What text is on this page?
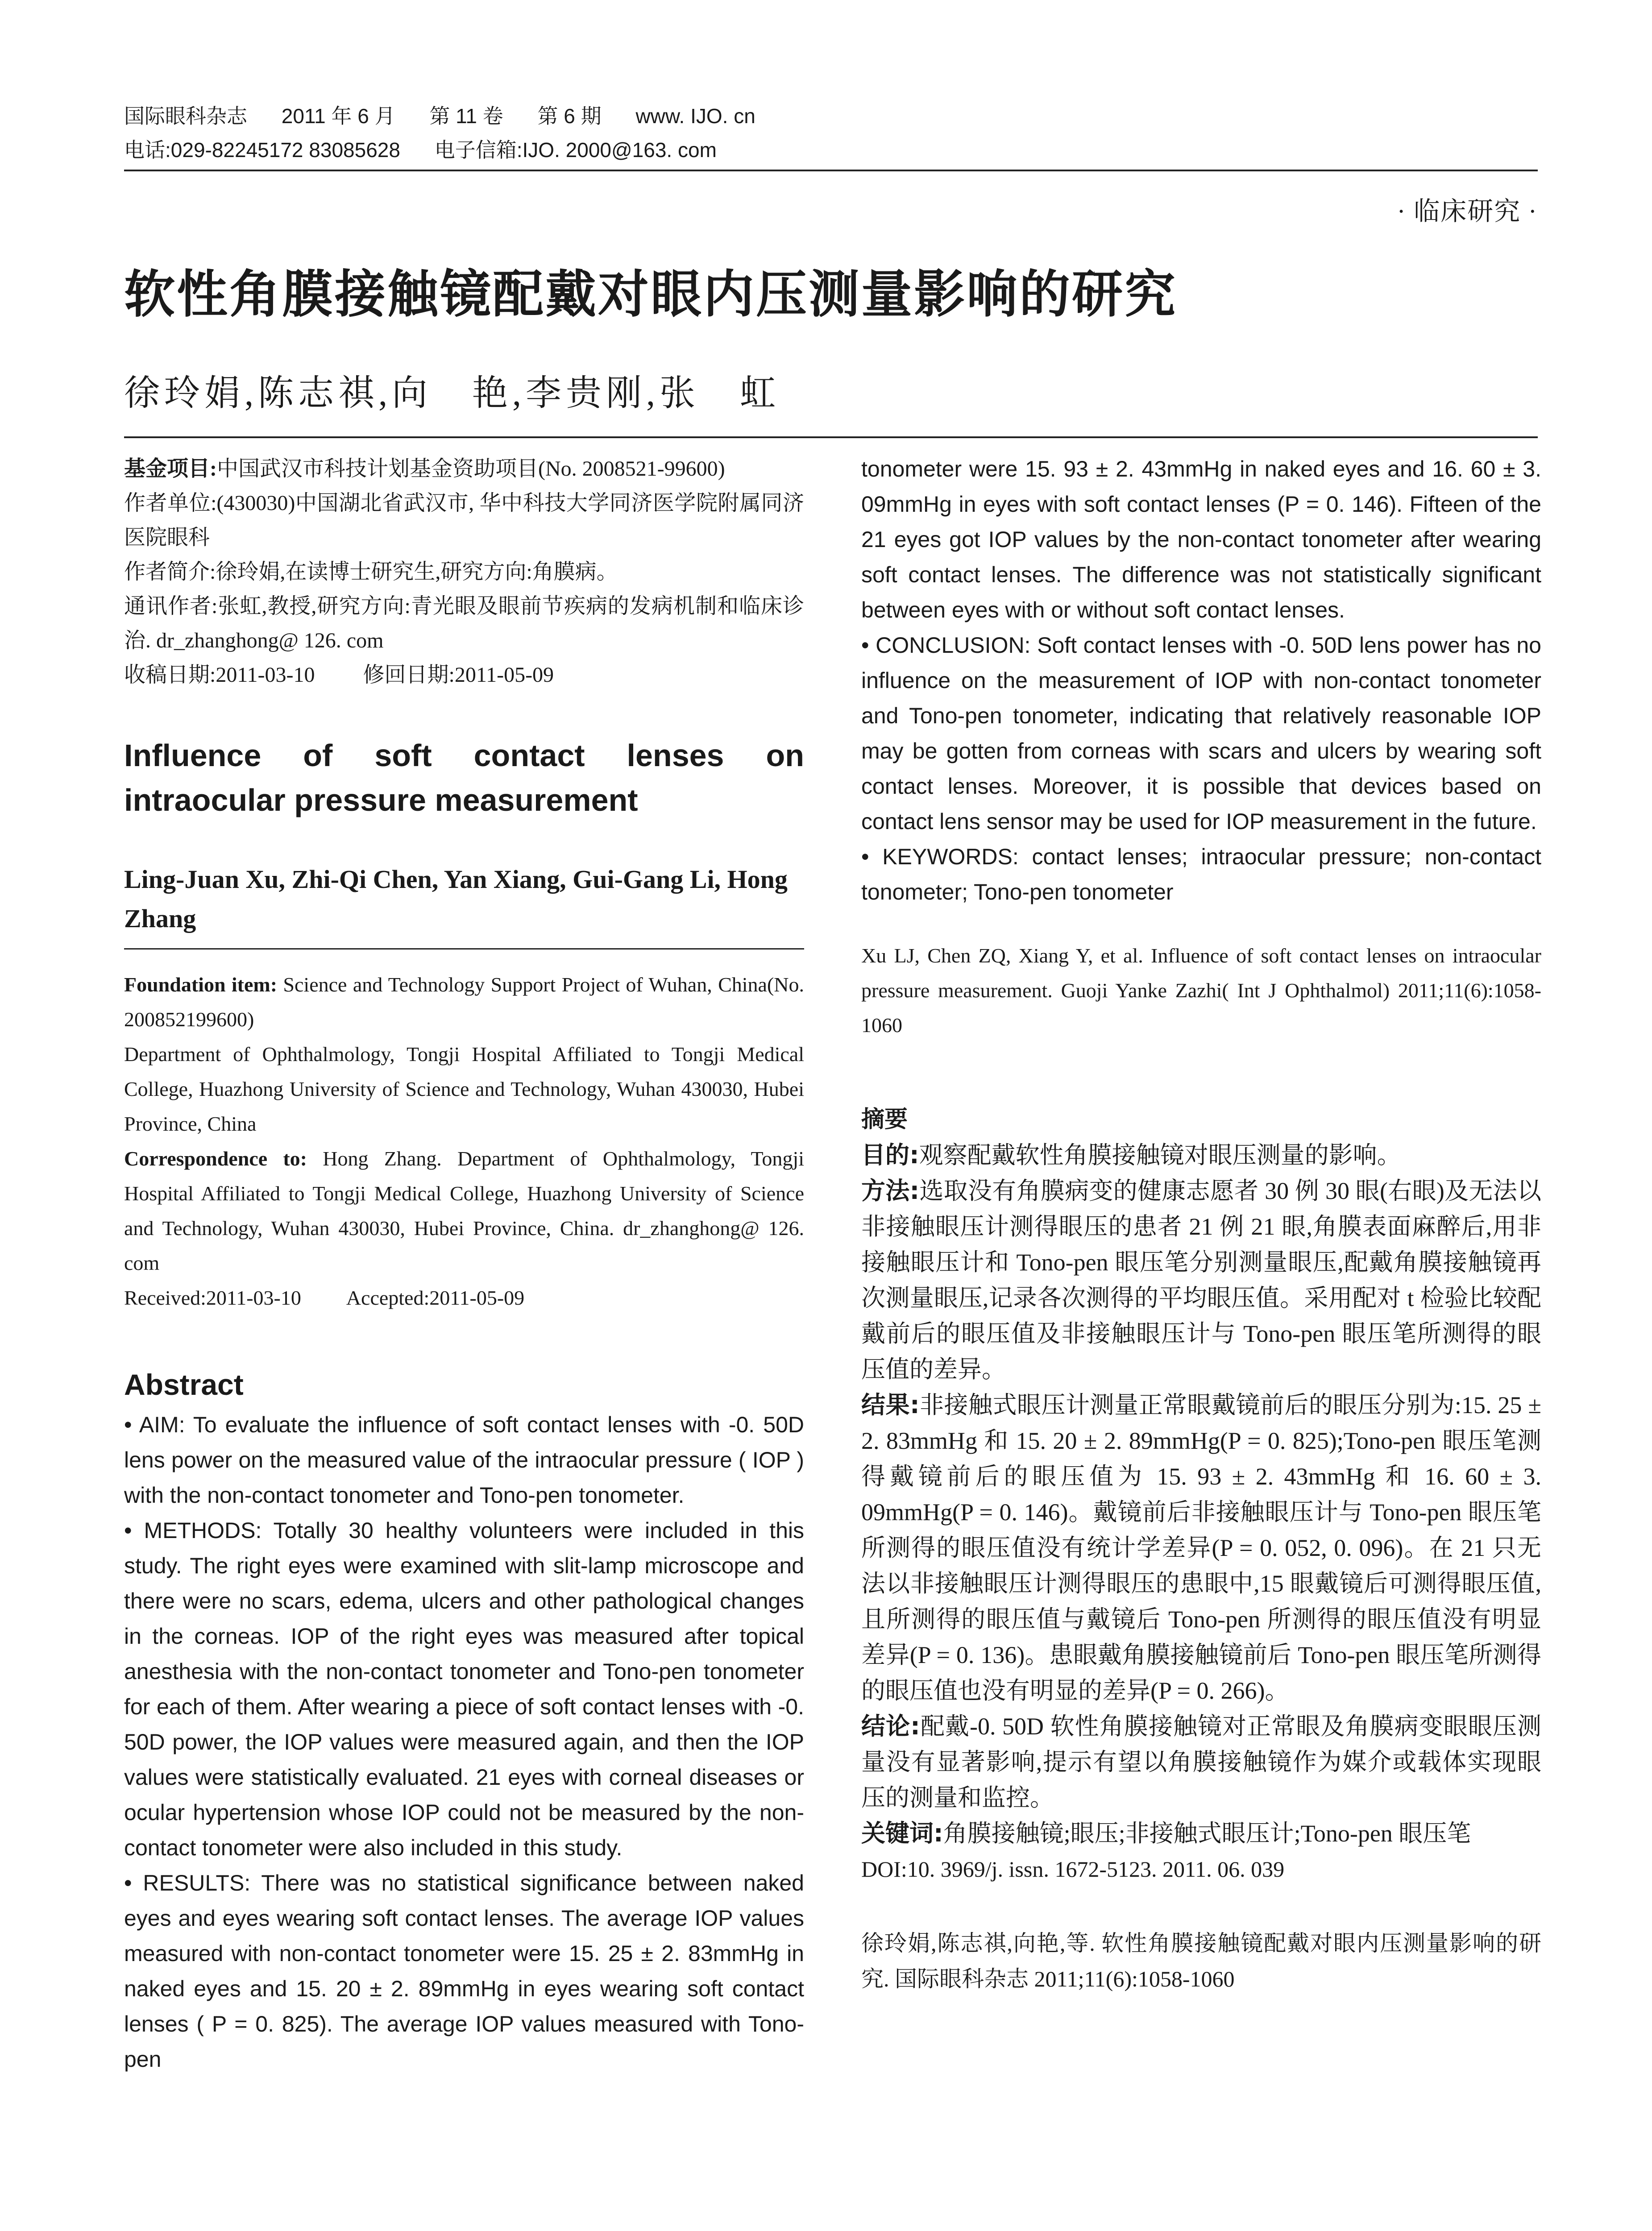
国际眼科杂志 2011 年 6 月 第 11 卷 第 6 期 www. IJO. cn
电话:029-82245172 83085628 电子信箱:IJO. 2000@163. com
· 临床研究 ·
软性角膜接触镜配戴对眼内压测量影响的研究
徐玲娟,陈志祺,向　艳,李贵刚,张　虹

基金项目:中国武汉市科技计划基金资助项目(No. 2008521-99600)

作者单位:(430030)中国湖北省武汉市, 华中科技大学同济医学院附属同济医院眼科

作者简介:徐玲娟,在读博士研究生,研究方向:角膜病。

通讯作者:张虹,教授,研究方向:青光眼及眼前节疾病的发病机制和临床诊治. dr_zhanghong@ 126. com

收稿日期:2011-03-10　　 修回日期:2011-05-09

Influence of soft contact lenses on intraocular pressure measurement

Ling-Juan Xu, Zhi-Qi Chen, Yan Xiang, Gui-Gang Li, Hong Zhang

Foundation item: Science and Technology Support Project of Wuhan, China(No. 200852199600)

Department of Ophthalmology, Tongji Hospital Affiliated to Tongji Medical College, Huazhong University of Science and Technology, Wuhan 430030, Hubei Province, China

Correspondence to: Hong Zhang. Department of Ophthalmology, Tongji Hospital Affiliated to Tongji Medical College, Huazhong University of Science and Technology, Wuhan 430030, Hubei Province, China. dr_zhanghong@ 126. com

Received:2011-03-10　　 Accepted:2011-05-09

Abstract

• AIM: To evaluate the influence of soft contact lenses with -0. 50D lens power on the measured value of the intraocular pressure ( IOP ) with the non-contact tonometer and Tono-pen tonometer.

• METHODS: Totally 30 healthy volunteers were included in this study. The right eyes were examined with slit-lamp microscope and there were no scars, edema, ulcers and other pathological changes in the corneas. IOP of the right eyes was measured after topical anesthesia with the non-contact tonometer and Tono-pen tonometer for each of them. After wearing a piece of soft contact lenses with -0. 50D power, the IOP values were measured again, and then the IOP values were statistically evaluated. 21 eyes with corneal diseases or ocular hypertension whose IOP could not be measured by the non-contact tonometer were also included in this study.

• RESULTS: There was no statistical significance between naked eyes and eyes wearing soft contact lenses. The average IOP values measured with non-contact tonometer were 15. 25 ± 2. 83mmHg in naked eyes and 15. 20 ± 2. 89mmHg in eyes wearing soft contact lenses ( P = 0. 825). The average IOP values measured with Tono-pen

tonometer were 15. 93 ± 2. 43mmHg in naked eyes and 16. 60 ± 3. 09mmHg in eyes with soft contact lenses (P = 0. 146). Fifteen of the 21 eyes got IOP values by the non-contact tonometer after wearing soft contact lenses. The difference was not statistically significant between eyes with or without soft contact lenses.

• CONCLUSION: Soft contact lenses with -0. 50D lens power has no influence on the measurement of IOP with non-contact tonometer and Tono-pen tonometer, indicating that relatively reasonable IOP may be gotten from corneas with scars and ulcers by wearing soft contact lenses. Moreover, it is possible that devices based on contact lens sensor may be used for IOP measurement in the future.

• KEYWORDS: contact lenses; intraocular pressure; non-contact tonometer; Tono-pen tonometer

Xu LJ, Chen ZQ, Xiang Y, et al. Influence of soft contact lenses on intraocular pressure measurement. Guoji Yanke Zazhi( Int J Ophthalmol) 2011;11(6):1058-1060

摘要

目的:观察配戴软性角膜接触镜对眼压测量的影响。

方法:选取没有角膜病变的健康志愿者 30 例 30 眼(右眼)及无法以非接触眼压计测得眼压的患者 21 例 21 眼,角膜表面麻醉后,用非接触眼压计和 Tono-pen 眼压笔分别测量眼压,配戴角膜接触镜再次测量眼压,记录各次测得的平均眼压值。采用配对 t 检验比较配戴前后的眼压值及非接触眼压计与 Tono-pen 眼压笔所测得的眼压值的差异。

结果:非接触式眼压计测量正常眼戴镜前后的眼压分别为:15. 25 ± 2. 83mmHg 和 15. 20 ± 2. 89mmHg(P = 0. 825);Tono-pen 眼压笔测得戴镜前后的眼压值为 15. 93 ± 2. 43mmHg 和 16. 60 ± 3. 09mmHg(P = 0. 146)。戴镜前后非接触眼压计与 Tono-pen 眼压笔所测得的眼压值没有统计学差异(P = 0. 052, 0. 096)。在 21 只无法以非接触眼压计测得眼压的患眼中,15 眼戴镜后可测得眼压值,且所测得的眼压值与戴镜后 Tono-pen 所测得的眼压值没有明显差异(P = 0. 136)。患眼戴角膜接触镜前后 Tono-pen 眼压笔所测得的眼压值也没有明显的差异(P = 0. 266)。

结论:配戴-0. 50D 软性角膜接触镜对正常眼及角膜病变眼眼压测量没有显著影响,提示有望以角膜接触镜作为媒介或载体实现眼压的测量和监控。

关键词:角膜接触镜;眼压;非接触式眼压计;Tono-pen 眼压笔

DOI:10. 3969/j. issn. 1672-5123. 2011. 06. 039

徐玲娟,陈志祺,向艳,等. 软性角膜接触镜配戴对眼内压测量影响的研究. 国际眼科杂志 2011;11(6):1058-1060
